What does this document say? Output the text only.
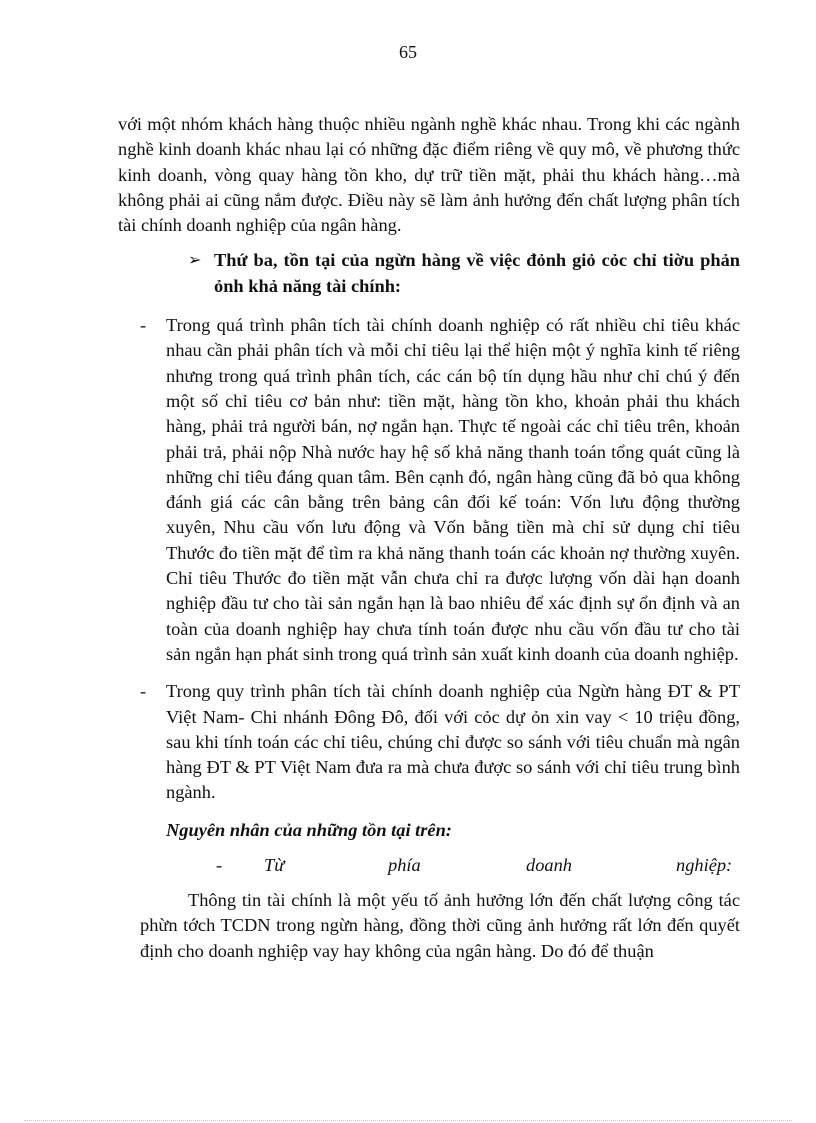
65

với một nhóm khách hàng thuộc nhiều ngành nghề khác nhau. Trong khi các ngành nghề kinh doanh khác nhau lại có những đặc điểm riêng về quy mô, về phương thức kinh doanh, vòng quay hàng tồn kho, dự trữ tiền mặt, phải thu khách hàng…mà không phải ai cũng nắm được. Điều này sẽ làm ảnh hưởng đến chất lượng phân tích tài chính doanh nghiệp của ngân hàng.

➢ Thứ ba, tồn tại của ngừn hàng về việc đỏnh giỏ cỏc chỉ tiờu phản ỏnh khả năng tài chính:

- Trong quá trình phân tích tài chính doanh nghiệp có rất nhiều chỉ tiêu khác nhau cần phải phân tích và mỗi chỉ tiêu lại thể hiện một ý nghĩa kinh tế riêng nhưng trong quá trình phân tích, các cán bộ tín dụng hầu như chỉ chú ý đến một số chỉ tiêu cơ bản như: tiền mặt, hàng tồn kho, khoản phải thu khách hàng, phải trả người bán, nợ ngắn hạn. Thực tế ngoài các chỉ tiêu trên, khoản phải trả, phải nộp Nhà nước hay hệ số khả năng thanh toán tổng quát cũng là những chỉ tiêu đáng quan tâm. Bên cạnh đó, ngân hàng cũng đã bỏ qua không đánh giá các cân bằng trên bảng cân đối kế toán: Vốn lưu động thường xuyên, Nhu cầu vốn lưu động và Vốn bằng tiền mà chỉ sử dụng chỉ tiêu Thước đo tiền mặt để tìm ra khả năng thanh toán các khoản nợ thường xuyên. Chỉ tiêu Thước đo tiền mặt vẫn chưa chỉ ra được lượng vốn dài hạn doanh nghiệp đầu tư cho tài sản ngắn hạn là bao nhiêu để xác định sự ổn định và an toàn của doanh nghiệp hay chưa tính toán được nhu cầu vốn đầu tư cho tài sản ngắn hạn phát sinh trong quá trình sản xuất kinh doanh của doanh nghiệp.

- Trong quy trình phân tích tài chính doanh nghiệp của Ngừn hàng ĐT & PT Việt Nam- Chi nhánh Đông Đô, đối với cỏc dự ỏn xin vay < 10 triệu đồng, sau khi tính toán các chỉ tiêu, chúng chỉ được so sánh với tiêu chuẩn mà ngân hàng ĐT & PT Việt Nam đưa ra mà chưa được so sánh với chỉ tiêu trung bình ngành.

Nguyên nhân của những tồn tại trên:

- Từ	phía	doanh	nghiệp:

Thông tin tài chính là một yếu tố ảnh hưởng lớn đến chất lượng công tác phừn tớch TCDN trong ngừn hàng, đồng thời cũng ảnh hưởng rất lớn đến quyết định cho doanh nghiệp vay hay không của ngân hàng. Do đó để thuận
